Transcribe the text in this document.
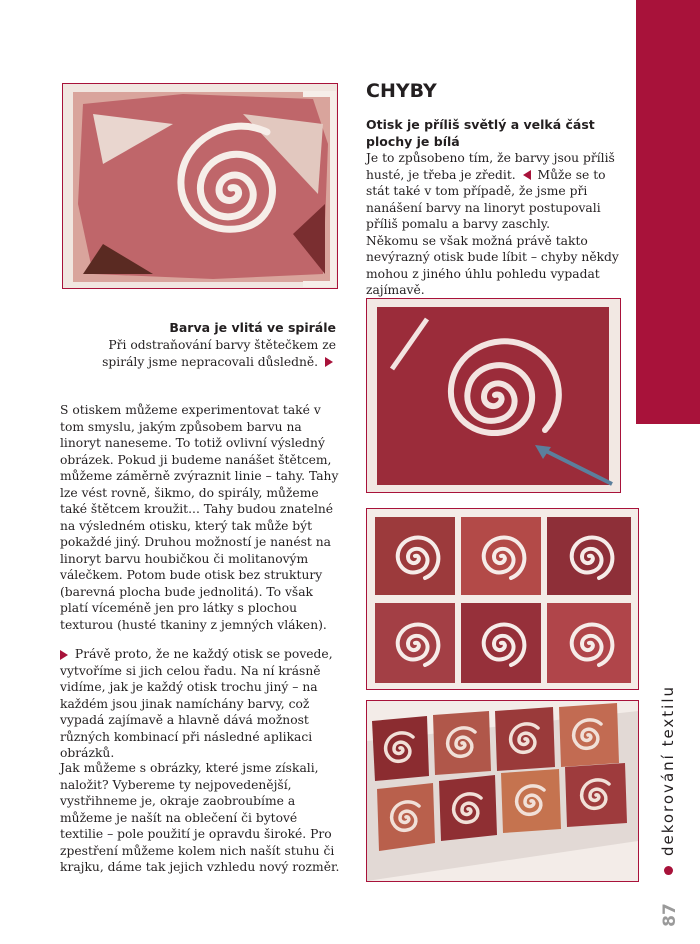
dekorování textilu
87
CHYBY
Otisk je příliš světlý a velká část plochy je bílá
Je to způsobeno tím, že barvy jsou příliš husté, je třeba je zředit. Může se to stát také v tom případě, že jsme při nanášení barvy na linoryt postupovali příliš pomalu a barvy zaschly.
Někomu se však možná právě takto nevýrazný otisk bude líbit – chyby někdy mohou z jiného úhlu pohledu vypadat zajímavě.
Barva je vlitá ve spirále
Při odstraňování barvy štětečkem ze spirály jsme nepracovali důsledně.
S otiskem můžeme experimentovat také v tom smyslu, jakým způsobem barvu na linoryt naneseme. To totiž ovlivní výsledný obrázek. Pokud ji budeme nanášet štětcem, můžeme záměrně zvýraznit linie – tahy. Tahy lze vést rovně, šikmo, do spirály, můžeme také štětcem kroužit... Tahy budou znatelné na výsledném otisku, který tak může být pokaždé jiný. Druhou možností je nanést na linoryt barvu houbičkou či molitanovým válečkem. Potom bude otisk bez struktury (barevná plocha bude jednolitá). To však platí víceméně jen pro látky s plochou texturou (husté tkaniny z jemných vláken).
Právě proto, že ne každý otisk se povede, vytvoříme si jich celou řadu. Na ní krásně vidíme, jak je každý otisk trochu jiný – na každém jsou jinak namíchány barvy, což vypadá zajímavě a hlavně dává možnost různých kombinací při následné aplikaci obrázků.
Jak můžeme s obrázky, které jsme získali, naložit? Vybereme ty nejpovedenější, vystřihneme je, okraje zaobroubíme a můžeme je našít na oblečení či bytové textilie – pole použití je opravdu široké. Pro zpestření můžeme kolem nich našít stuhu či krajku, dáme tak jejich vzhledu nový rozměr.
